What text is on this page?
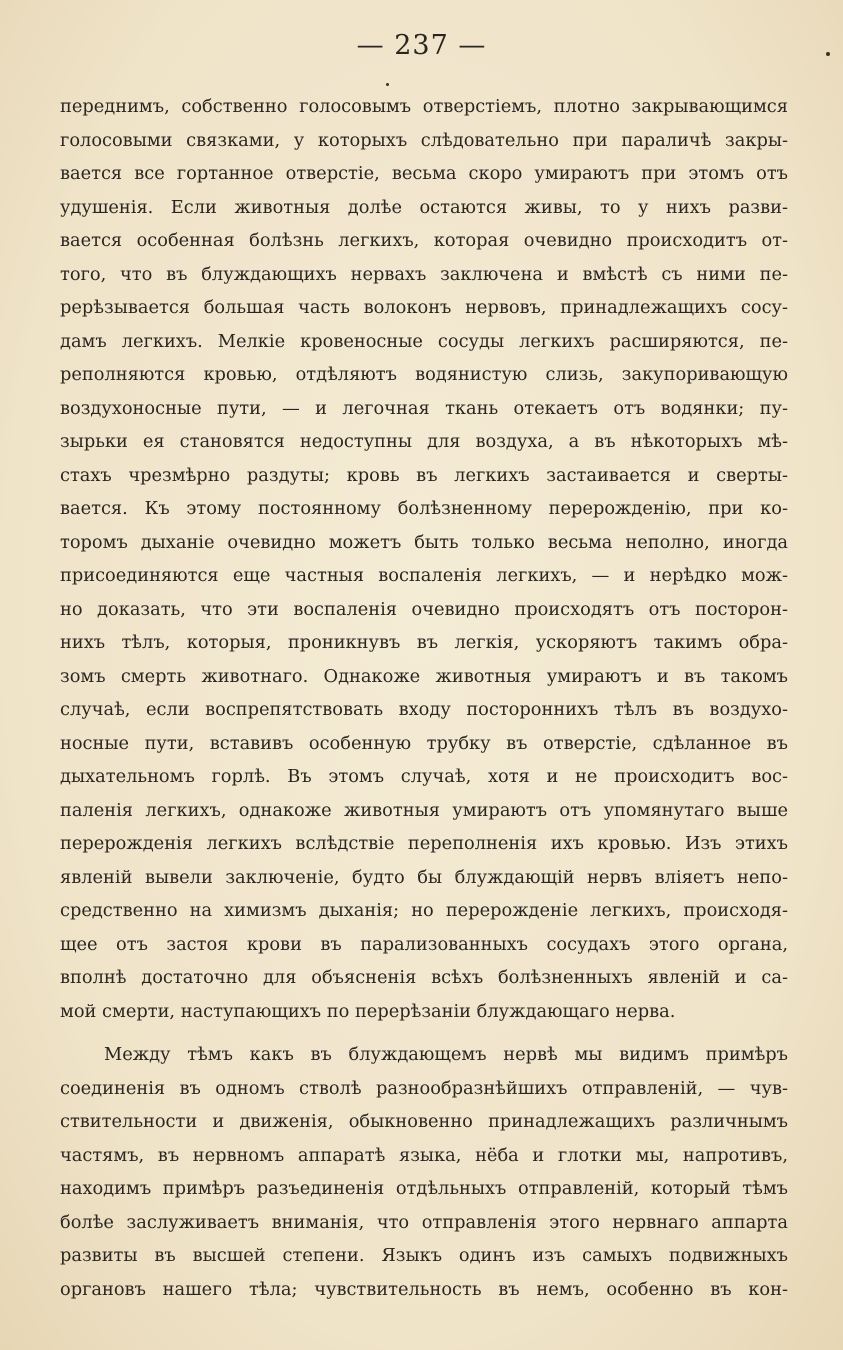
— 237 —
переднимъ, собственно голосовымъ отверстіемъ, плотно закрывающимся
голосовыми связками, у которыхъ слѣдовательно при параличѣ закры-
вается все гортанное отверстіе, весьма скоро умираютъ при этомъ отъ
удушенія. Если животныя долѣе остаются живы, то у нихъ разви-
вается особенная болѣзнь легкихъ, которая очевидно происходитъ от-
того, что въ блуждающихъ нервахъ заключена и вмѣстѣ съ ними пе-
рерѣзывается большая часть волоконъ нервовъ, принадлежащихъ сосу-
дамъ легкихъ. Мелкіе кровеносные сосуды легкихъ расширяются, пе-
реполняются кровью, отдѣляютъ водянистую слизь, закупоривающую
воздухоносные пути, — и легочная ткань отекаетъ отъ водянки; пу-
зырьки ея становятся недоступны для воздуха, а въ нѣкоторыхъ мѣ-
стахъ чрезмѣрно раздуты; кровь въ легкихъ застаивается и сверты-
вается. Къ этому постоянному болѣзненному перерожденію, при ко-
торомъ дыханіе очевидно можетъ быть только весьма неполно, иногда
присоединяются еще частныя воспаленія легкихъ, — и нерѣдко мож-
но доказать, что эти воспаленія очевидно происходятъ отъ посторон-
нихъ тѣлъ, которыя, проникнувъ въ легкія, ускоряютъ такимъ обра-
зомъ смерть животнаго. Однакоже животныя умираютъ и въ такомъ
случаѣ, если воспрепятствовать входу постороннихъ тѣлъ въ воздухо-
носные пути, вставивъ особенную трубку въ отверстіе, сдѣланное въ
дыхательномъ горлѣ. Въ этомъ случаѣ, хотя и не происходитъ вос-
паленія легкихъ, однакоже животныя умираютъ отъ упомянутаго выше
перерожденія легкихъ вслѣдствіе переполненія ихъ кровью. Изъ этихъ
явленій вывели заключеніе, будто бы блуждающій нервъ вліяетъ непо-
средственно на химизмъ дыханія; но перерожденіе легкихъ, происходя-
щее отъ застоя крови въ парализованныхъ сосудахъ этого органа,
вполнѣ достаточно для объясненія всѣхъ болѣзненныхъ явленій и са-
мой смерти, наступающихъ по перерѣзаніи блуждающаго нерва.
Между тѣмъ какъ въ блуждающемъ нервѣ мы видимъ примѣръ
соединенія въ одномъ стволѣ разнообразнѣйшихъ отправленій, — чув-
ствительности и движенія, обыкновенно принадлежащихъ различнымъ
частямъ, въ нервномъ аппаратѣ языка, нёба и глотки мы, напротивъ,
находимъ примѣръ разъединенія отдѣльныхъ отправленій, который тѣмъ
болѣе заслуживаетъ вниманія, что отправленія этого нервнаго аппарта
развиты въ высшей степени. Языкъ одинъ изъ самыхъ подвижныхъ
органовъ нашего тѣла; чувствительность въ немъ, особенно въ кон-
